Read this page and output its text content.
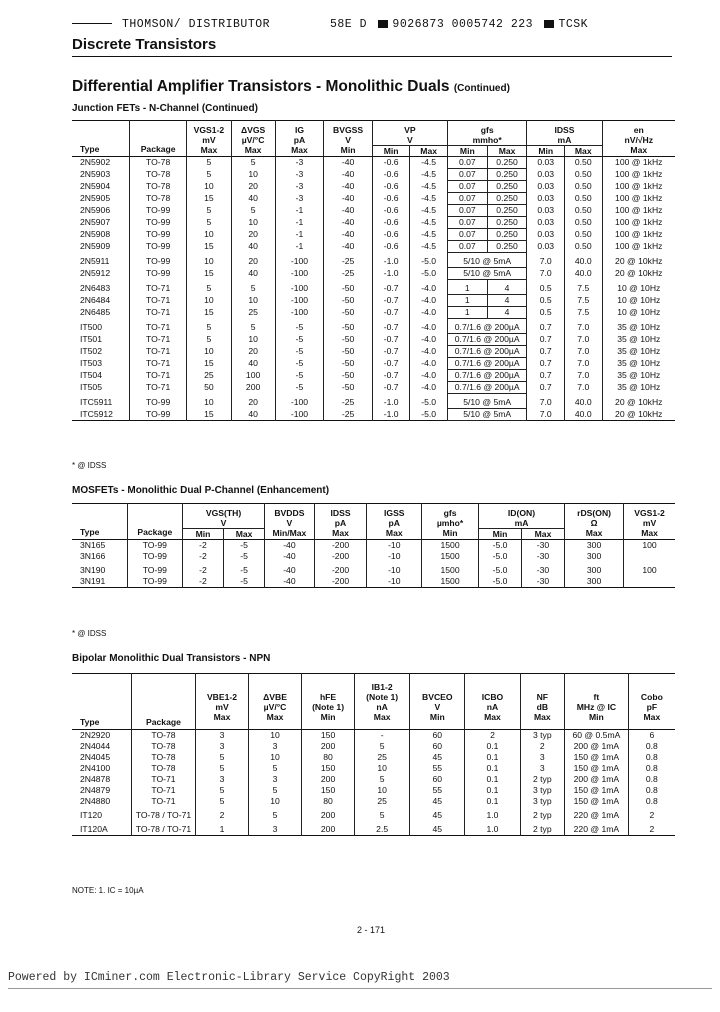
THOMSON/ DISTRIBUTOR	58E D 9026873 0005742 223 TCSK
Discrete Transistors
Differential Amplifier Transistors - Monolithic Duals (Continued)
Junction FETs - N-Channel (Continued)
Type	Package	VGS1-2
mV
Max	ΔVGS
µV/°C
Max	IG
pA
Max	BVGSS
V
Min	VP
V		gfs
mmho*		IDSS
mA		en
nV/√Hz
Max
						Min	Max	Min	Max	Min	Max	
2N5902	TO-78	5	5	-3	-40	-0.6	-4.5	0.07	0.250	0.03	0.50	100 @ 1kHz
2N5903	TO-78	5	10	-3	-40	-0.6	-4.5	0.07	0.250	0.03	0.50	100 @ 1kHz
2N5904	TO-78	10	20	-3	-40	-0.6	-4.5	0.07	0.250	0.03	0.50	100 @ 1kHz
2N5905	TO-78	15	40	-3	-40	-0.6	-4.5	0.07	0.250	0.03	0.50	100 @ 1kHz
2N5906	TO-99	5	5	-1	-40	-0.6	-4.5	0.07	0.250	0.03	0.50	100 @ 1kHz
2N5907	TO-99	5	10	-1	-40	-0.6	-4.5	0.07	0.250	0.03	0.50	100 @ 1kHz
2N5908	TO-99	10	20	-1	-40	-0.6	-4.5	0.07	0.250	0.03	0.50	100 @ 1kHz
2N5909	TO-99	15	40	-1	-40	-0.6	-4.5	0.07	0.250	0.03	0.50	100 @ 1kHz
2N5911	TO-99	10	20	-100	-25	-1.0	-5.0	5/10 @ 5mA		7.0	40.0	20 @ 10kHz
2N5912	TO-99	15	40	-100	-25	-1.0	-5.0	5/10 @ 5mA		7.0	40.0	20 @ 10kHz
2N6483	TO-71	5	5	-100	-50	-0.7	-4.0	1	4	0.5	7.5	10 @ 10Hz
2N6484	TO-71	10	10	-100	-50	-0.7	-4.0	1	4	0.5	7.5	10 @ 10Hz
2N6485	TO-71	15	25	-100	-50	-0.7	-4.0	1	4	0.5	7.5	10 @ 10Hz
IT500	TO-71	5	5	-5	-50	-0.7	-4.0	0.7/1.6 @ 200µA		0.7	7.0	35 @ 10Hz
IT501	TO-71	5	10	-5	-50	-0.7	-4.0	0.7/1.6 @ 200µA		0.7	7.0	35 @ 10Hz
IT502	TO-71	10	20	-5	-50	-0.7	-4.0	0.7/1.6 @ 200µA		0.7	7.0	35 @ 10Hz
IT503	TO-71	15	40	-5	-50	-0.7	-4.0	0.7/1.6 @ 200µA		0.7	7.0	35 @ 10Hz
IT504	TO-71	25	100	-5	-50	-0.7	-4.0	0.7/1.6 @ 200µA		0.7	7.0	35 @ 10Hz
IT505	TO-71	50	200	-5	-50	-0.7	-4.0	0.7/1.6 @ 200µA		0.7	7.0	35 @ 10Hz
ITC5911	TO-99	10	20	-100	-25	-1.0	-5.0	5/10 @ 5mA		7.0	40.0	20 @ 10kHz
ITC5912	TO-99	15	40	-100	-25	-1.0	-5.0	5/10 @ 5mA		7.0	40.0	20 @ 10kHz
* @ IDSS
MOSFETs - Monolithic Dual P-Channel (Enhancement)
Type	Package	VGS(TH)
V		BVDDS
V
Min/Max	IDSS
pA
Max	IGSS
pA
Max	gfs
µmho*
Min	ID(ON)
mA		rDS(ON)
Ω
Max	VGS1-2
mV
Max
		Min	Max					Min	Max		
3N165	TO-99	-2	-5	-40	-200	-10	1500	-5.0	-30	300	100
3N166	TO-99	-2	-5	-40	-200	-10	1500	-5.0	-30	300	
3N190	TO-99	-2	-5	-40	-200	-10	1500	-5.0	-30	300	100
3N191	TO-99	-2	-5	-40	-200	-10	1500	-5.0	-30	300	
* @ IDSS
Bipolar Monolithic Dual Transistors - NPN
Type	Package	VBE1-2
mV
Max	ΔVBE
µV/°C
Max	hFE
(Note 1)
Min	IB1-2
(Note 1)
nA
Max	BVCEO
V
Min	ICBO
nA
Max	NF
dB
Max	ft
MHz @ IC
Min	Cobo
pF
Max
2N2920	TO-78	3	10	150	-	60	2	3 typ	60 @ 0.5mA	6
2N4044	TO-78	3	3	200	5	60	0.1	2	200 @ 1mA	0.8
2N4045	TO-78	5	10	80	25	45	0.1	3	150 @ 1mA	0.8
2N4100	TO-78	5	5	150	10	55	0.1	3	150 @ 1mA	0.8
2N4878	TO-71	3	3	200	5	60	0.1	2 typ	200 @ 1mA	0.8
2N4879	TO-71	5	5	150	10	55	0.1	3 typ	150 @ 1mA	0.8
2N4880	TO-71	5	10	80	25	45	0.1	3 typ	150 @ 1mA	0.8
IT120	TO-78 / TO-71	2	5	200	5	45	1.0	2 typ	220 @ 1mA	2
IT120A	TO-78 / TO-71	1	3	200	2.5	45	1.0	2 typ	220 @ 1mA	2
NOTE: 1. IC = 10µA
2 - 171
Powered by ICminer.com Electronic-Library Service CopyRight 2003
